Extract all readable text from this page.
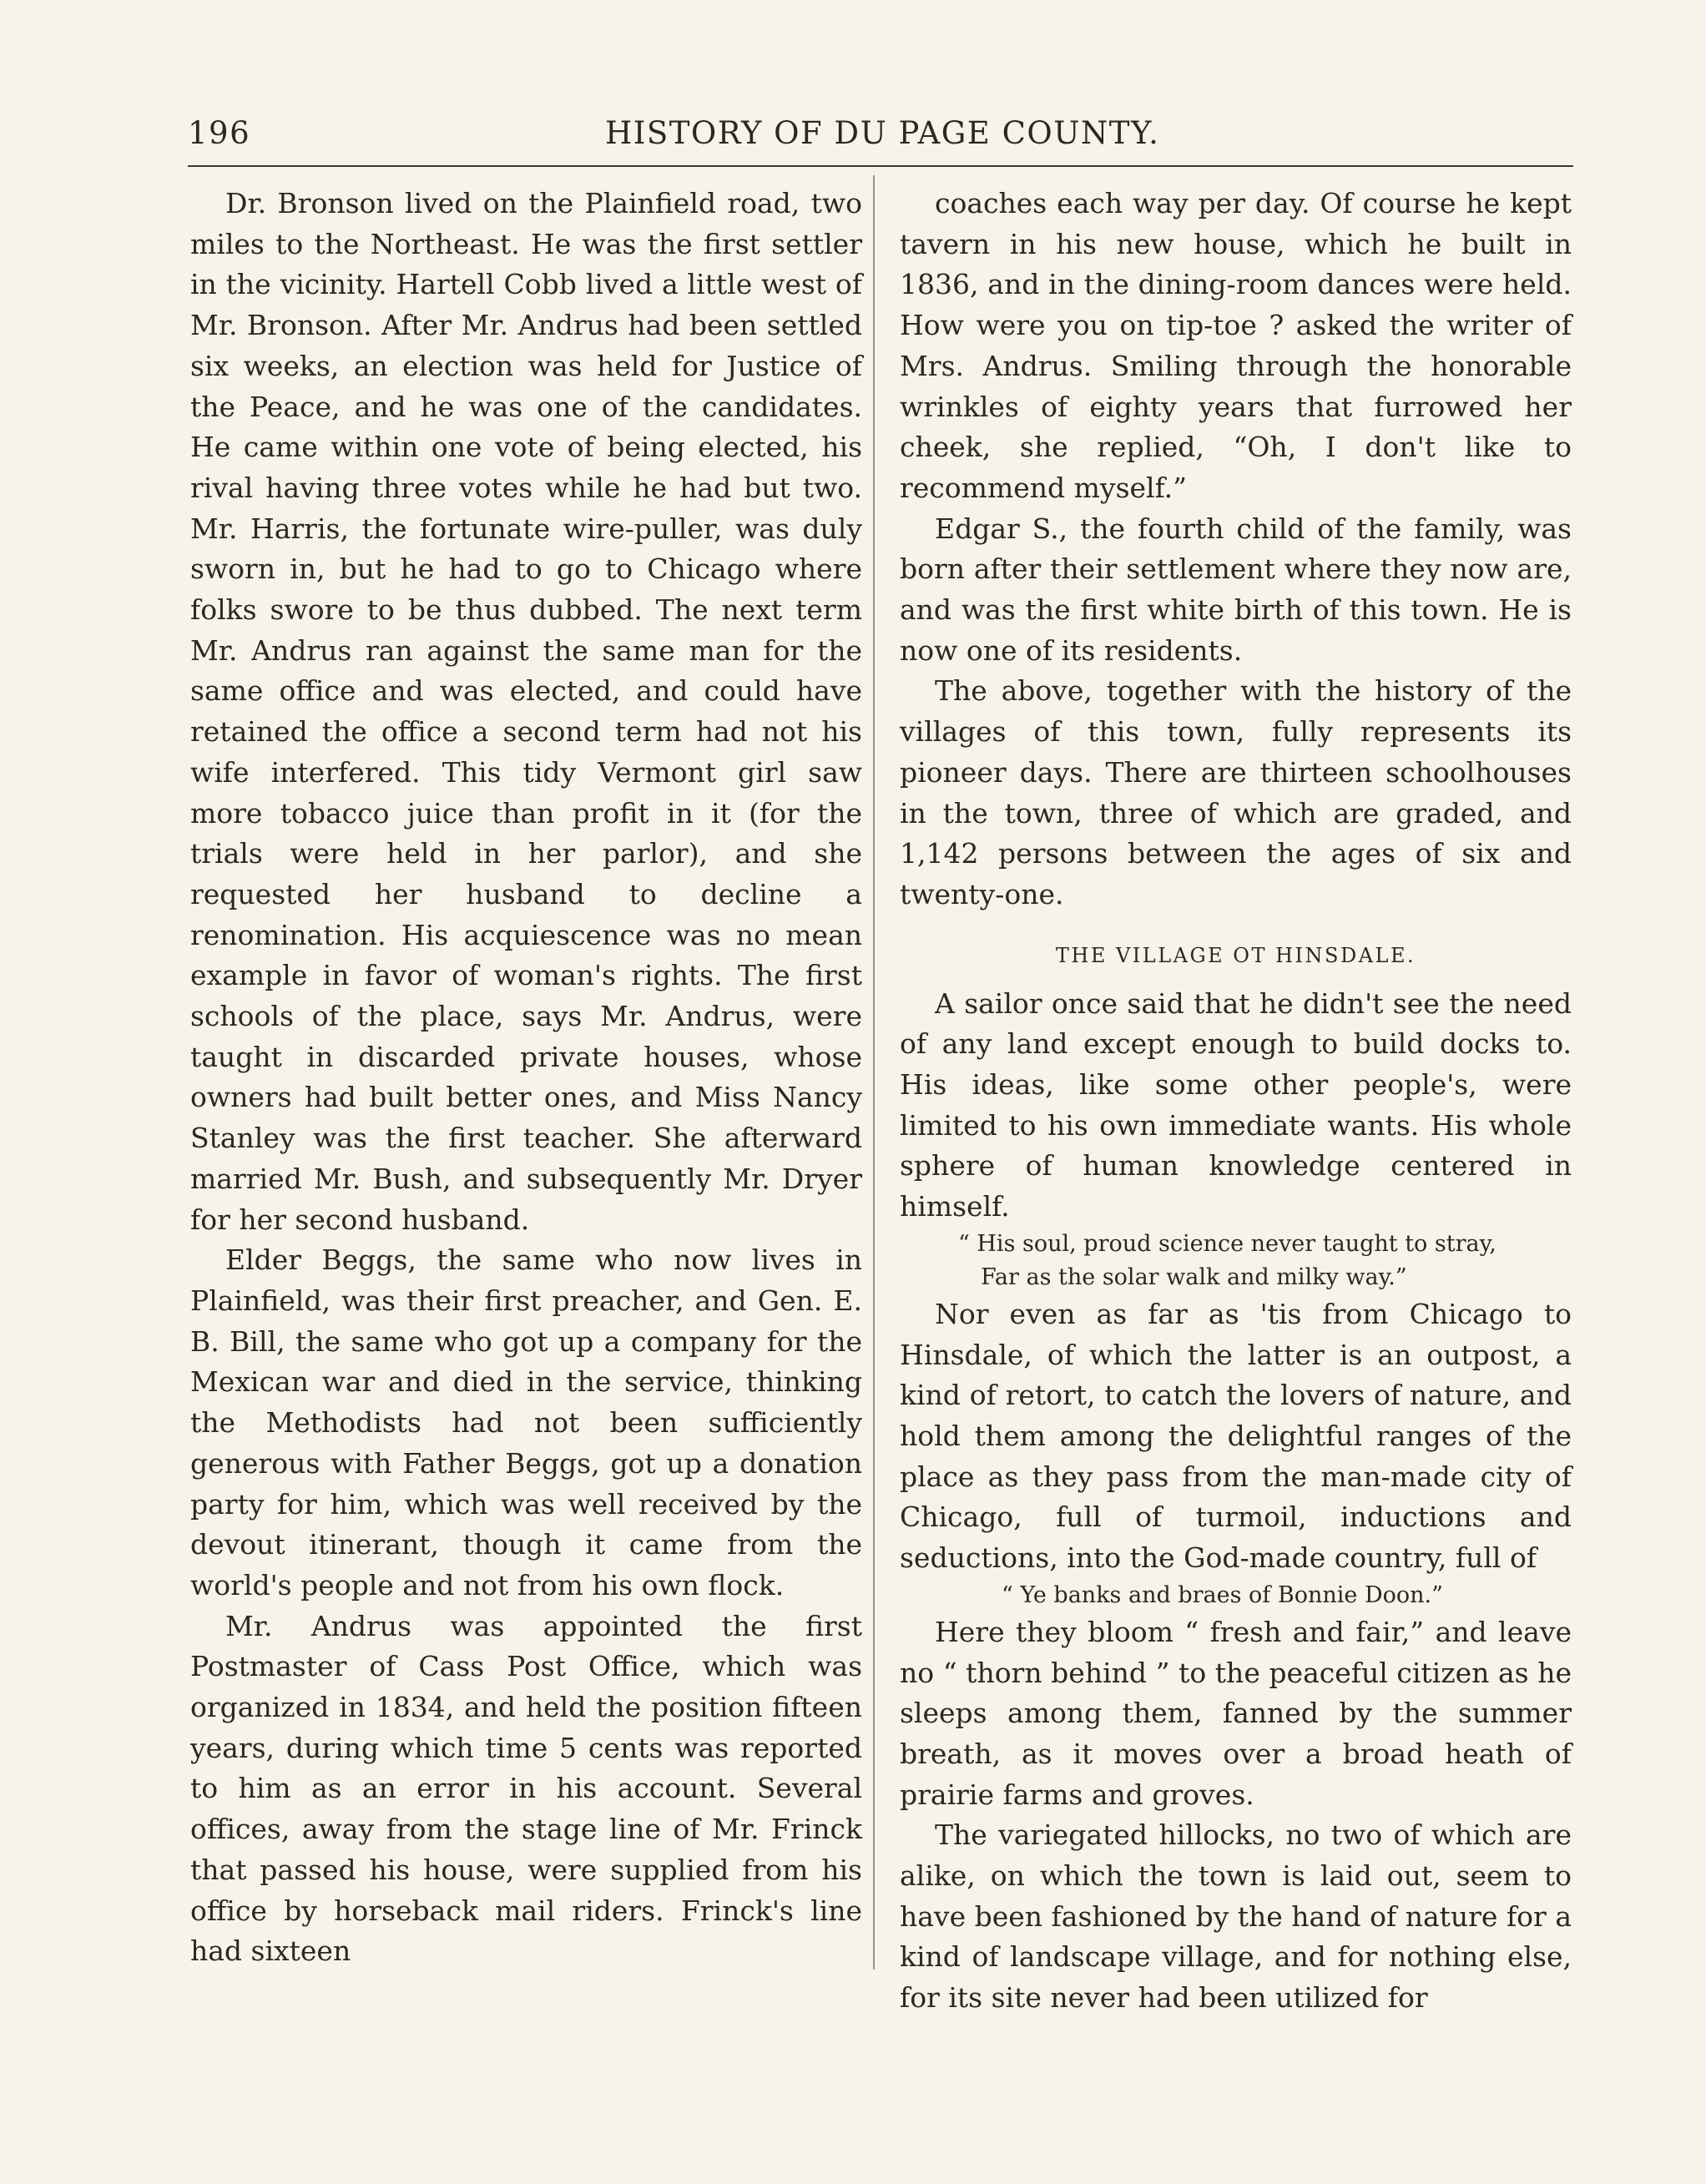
196	HISTORY OF DU PAGE COUNTY.

Dr. Bronson lived on the Plainfield road, two miles to the Northeast. He was the first settler in the vicinity. Hartell Cobb lived a little west of Mr. Bronson. After Mr. Andrus had been settled six weeks, an election was held for Justice of the Peace, and he was one of the candidates. He came within one vote of being elected, his rival having three votes while he had but two. Mr. Harris, the fortunate wire-puller, was duly sworn in, but he had to go to Chicago where folks swore to be thus dubbed. The next term Mr. Andrus ran against the same man for the same office and was elected, and could have retained the office a second term had not his wife interfered. This tidy Vermont girl saw more tobacco juice than profit in it (for the trials were held in her parlor), and she requested her husband to decline a renomination. His acquiescence was no mean example in favor of woman's rights. The first schools of the place, says Mr. Andrus, were taught in discarded private houses, whose owners had built better ones, and Miss Nancy Stanley was the first teacher. She afterward married Mr. Bush, and subsequently Mr. Dryer for her second husband.

Elder Beggs, the same who now lives in Plainfield, was their first preacher, and Gen. E. B. Bill, the same who got up a company for the Mexican war and died in the service, thinking the Methodists had not been sufficiently generous with Father Beggs, got up a donation party for him, which was well received by the devout itinerant, though it came from the world's people and not from his own flock.

Mr. Andrus was appointed the first Postmaster of Cass Post Office, which was organized in 1834, and held the position fifteen years, during which time 5 cents was reported to him as an error in his account. Several offices, away from the stage line of Mr. Frinck that passed his house, were supplied from his office by horseback mail riders. Frinck's line had sixteen

coaches each way per day. Of course he kept tavern in his new house, which he built in 1836, and in the dining-room dances were held. How were you on tip-toe ? asked the writer of Mrs. Andrus. Smiling through the honorable wrinkles of eighty years that furrowed her cheek, she replied, “Oh, I don't like to recommend myself.”

Edgar S., the fourth child of the family, was born after their settlement where they now are, and was the first white birth of this town. He is now one of its residents.

The above, together with the history of the villages of this town, fully represents its pioneer days. There are thirteen schoolhouses in the town, three of which are graded, and 1,142 persons between the ages of six and twenty-one.

THE VILLAGE OT HINSDALE.

A sailor once said that he didn't see the need of any land except enough to build docks to. His ideas, like some other people's, were limited to his own immediate wants. His whole sphere of human knowledge centered in himself.

“ His soul, proud science never taught to stray,

Far as the solar walk and milky way.”

Nor even as far as 'tis from Chicago to Hinsdale, of which the latter is an outpost, a kind of retort, to catch the lovers of nature, and hold them among the delightful ranges of the place as they pass from the man-made city of Chicago, full of turmoil, inductions and seductions, into the God-made country, full of

“ Ye banks and braes of Bonnie Doon.”

Here they bloom “ fresh and fair,” and leave no “ thorn behind ” to the peaceful citizen as he sleeps among them, fanned by the summer breath, as it moves over a broad heath of prairie farms and groves.

The variegated hillocks, no two of which are alike, on which the town is laid out, seem to have been fashioned by the hand of nature for a kind of landscape village, and for nothing else, for its site never had been utilized for
